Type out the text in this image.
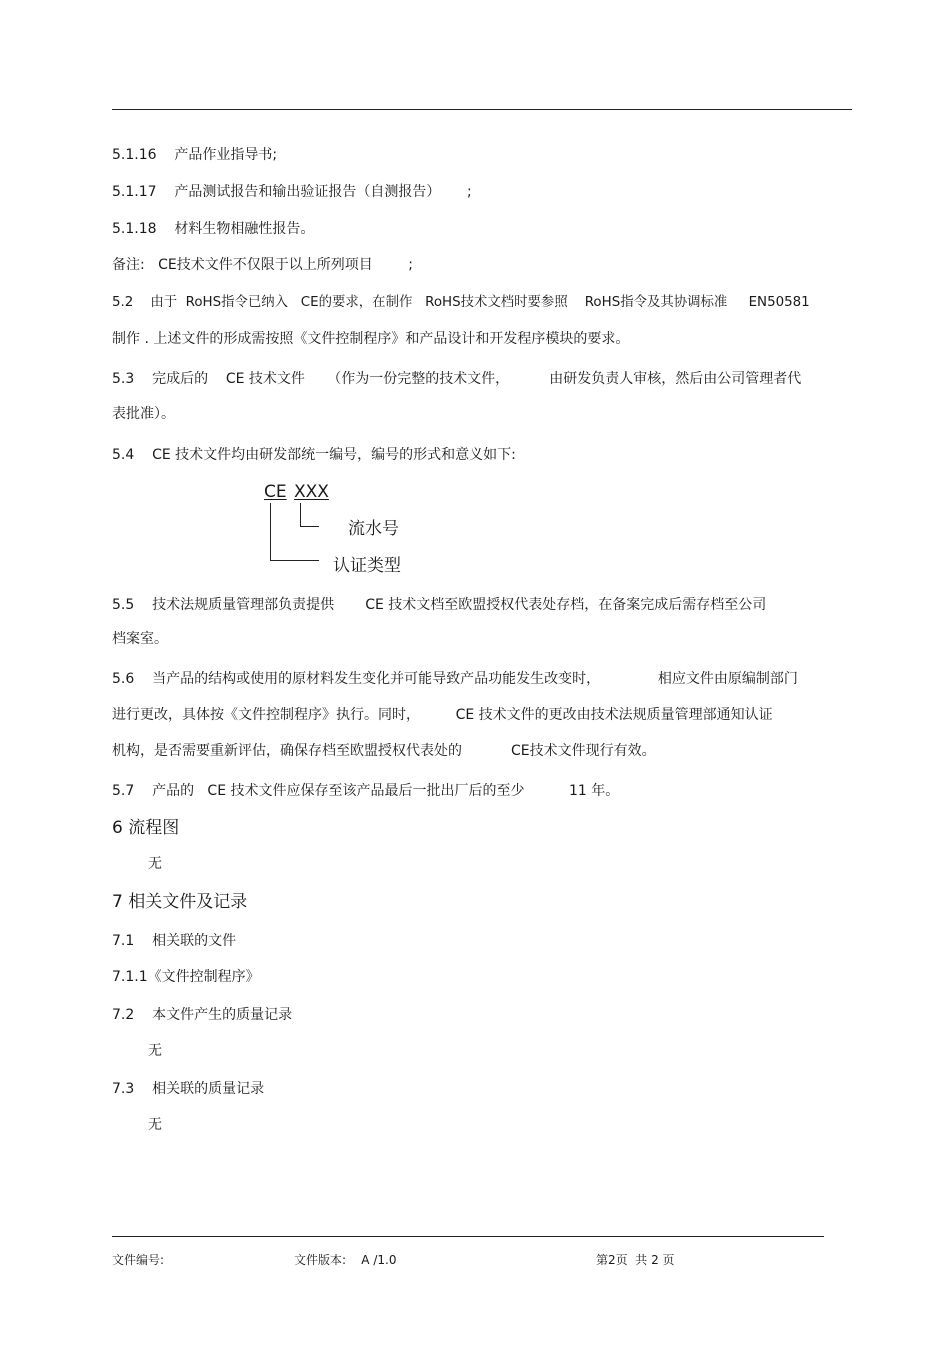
5.1.16    产品作业指导书;
5.1.17    产品测试报告和输出验证报告（自测报告）      ;
5.1.18    材料生物相融性报告。
备注:   CE技术文件不仅限于以上所列项目        ;
5.2    由于  RoHS指令已纳入   CE的要求，在制作   RoHS技术文档时要参照    RoHS指令及其协调标准     EN50581
制作 . 上述文件的形成需按照《文件控制程序》和产品设计和开发程序模块的要求。
5.3    完成后的    CE 技术文件     （作为一份完整的技术文件，         由研发负责人审核，然后由公司管理者代
表批准）。
5.4    CE 技术文件均由研发部统一编号，编号的形式和意义如下:
CE XXX
流水号
认证类型
5.5    技术法规质量管理部负责提供       CE 技术文档至欧盟授权代表处存档，在备案完成后需存档至公司
档案室。
5.6    当产品的结构或使用的原材料发生变化并可能导致产品功能发生改变时，             相应文件由原编制部门
进行更改，具体按《文件控制程序》执行。同时，        CE 技术文件的更改由技术法规质量管理部通知认证
机构，是否需要重新评估，确保存档至欧盟授权代表处的           CE技术文件现行有效。
5.7    产品的   CE 技术文件应保存至该产品最后一批出厂后的至少          11 年。
6 流程图
无
7 相关文件及记录
7.1    相关联的文件
7.1.1《文件控制程序》
7.2    本文件产生的质量记录
无
7.3    相关联的质量记录
无
文件编号:	文件版本:    A /1.0	第2页  共 2 页
